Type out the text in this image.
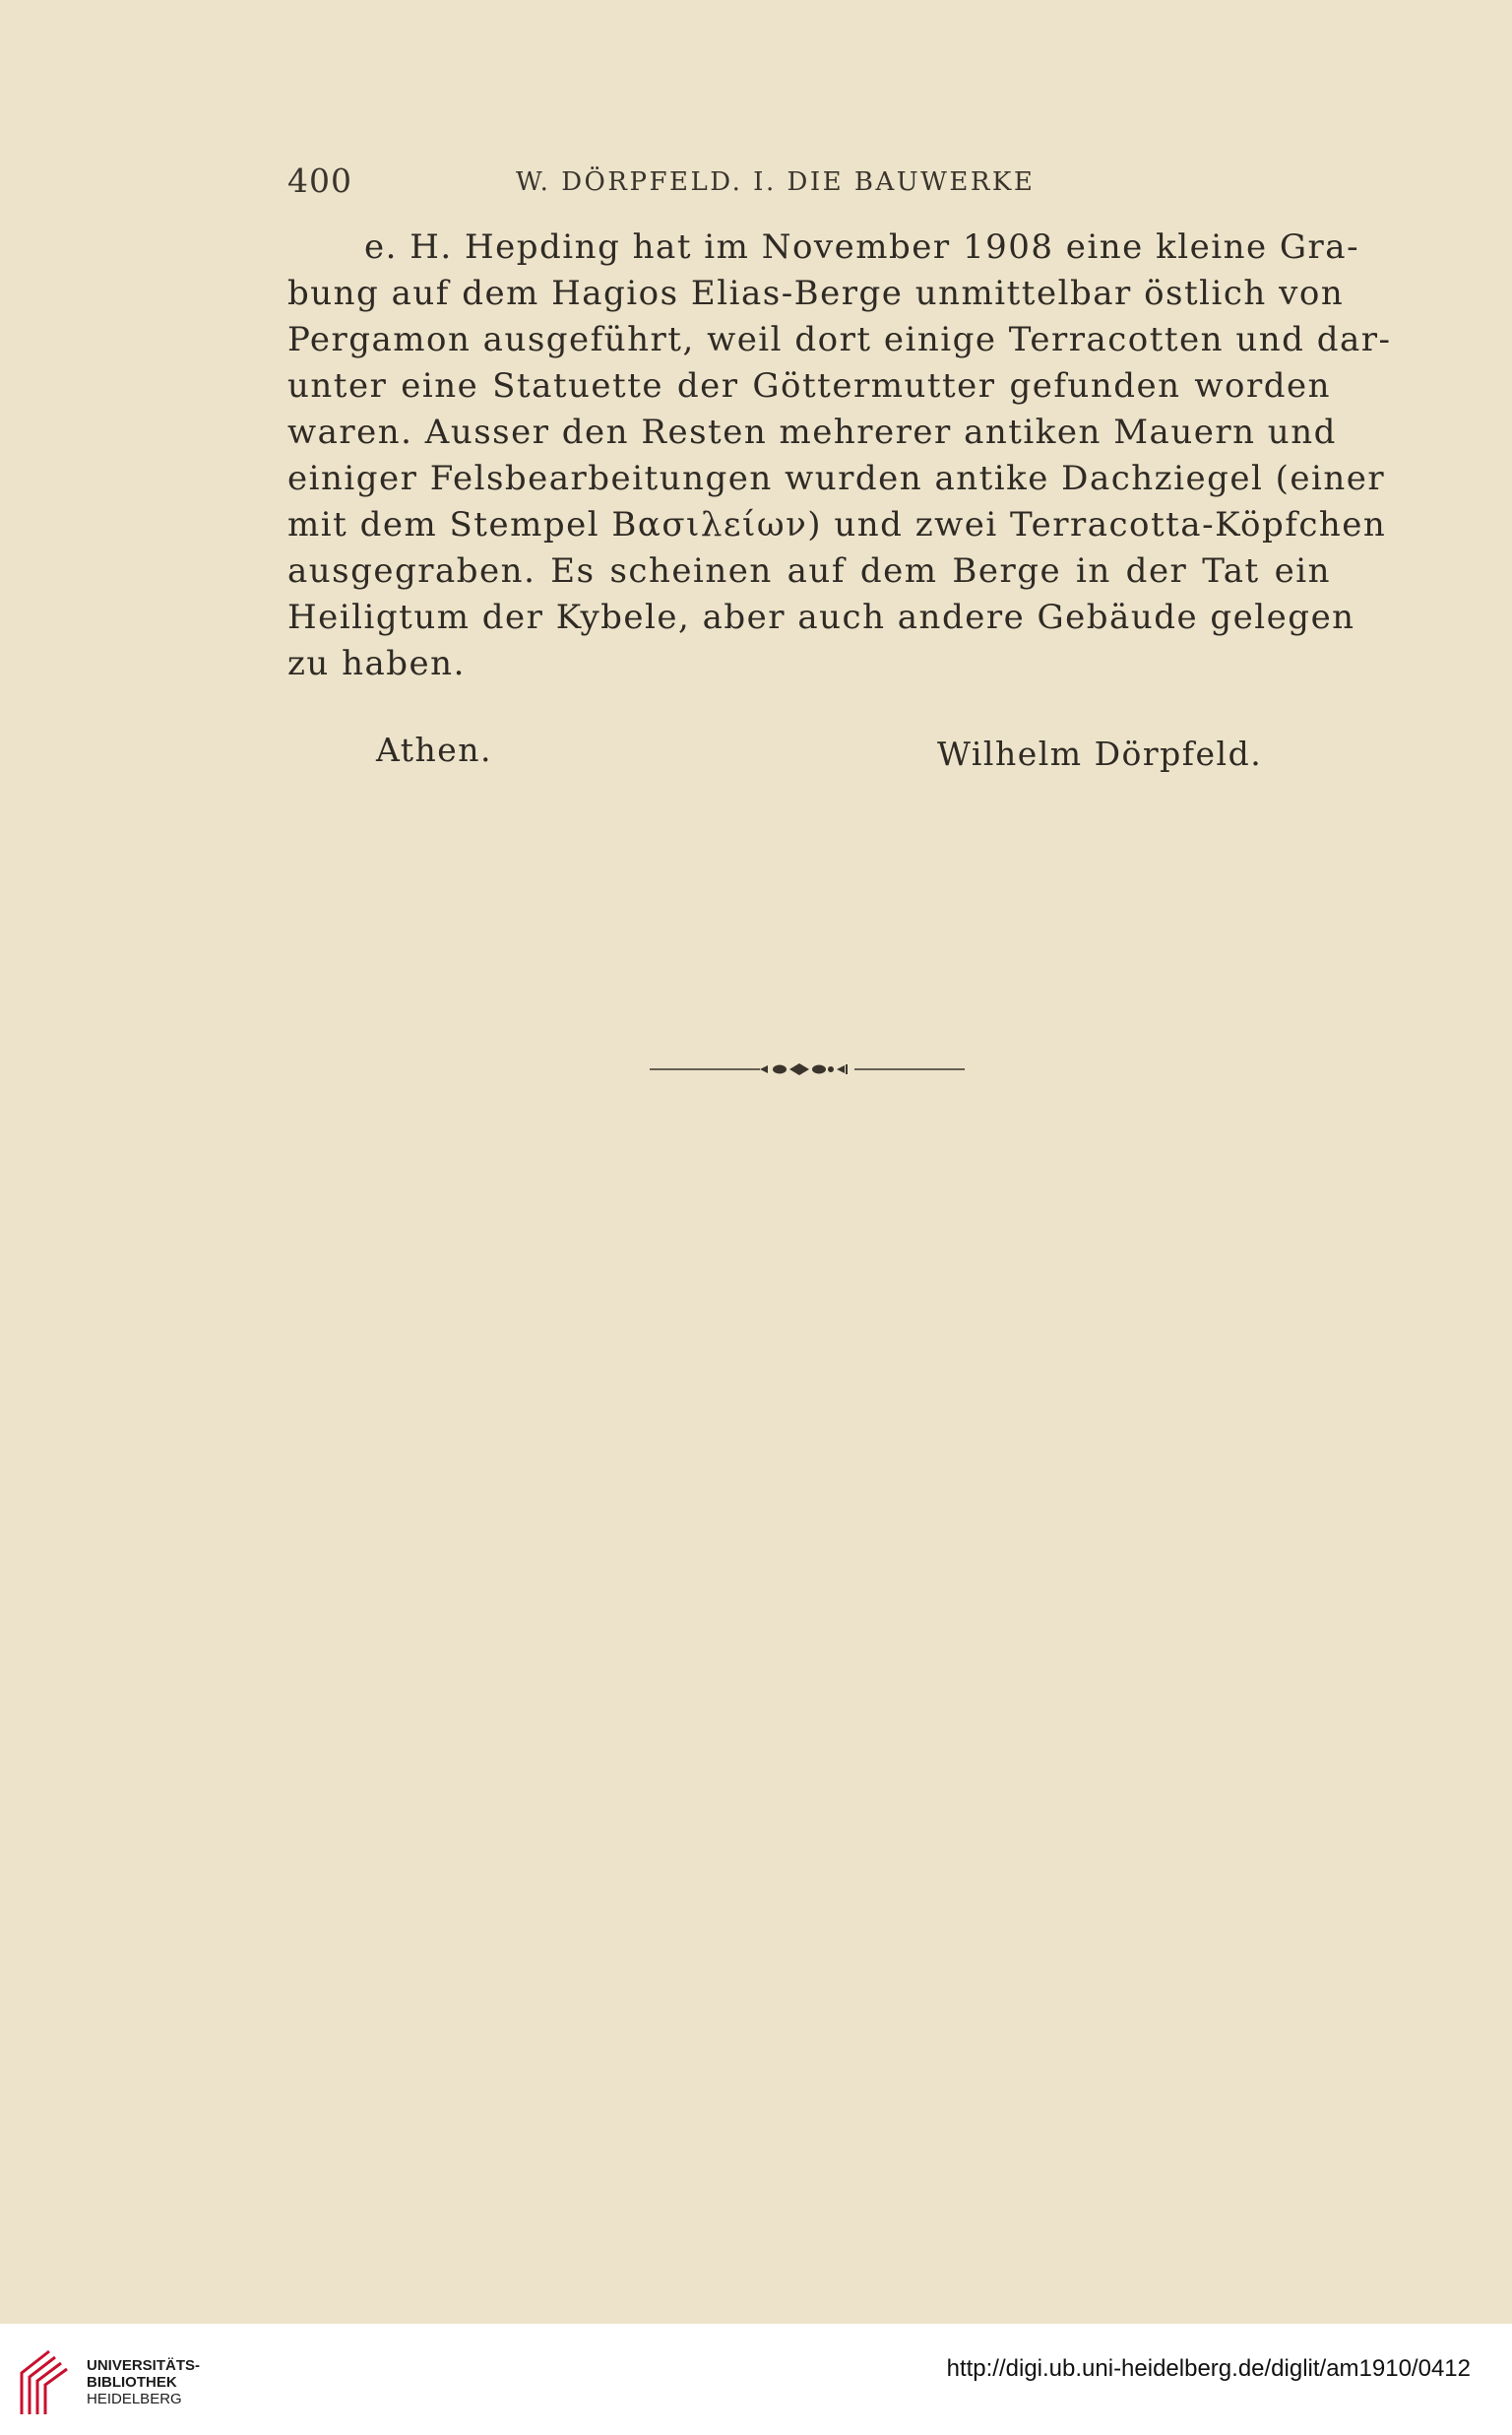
400	W. DÖRPFELD. I. DIE BAUWERKE
e. H. Hepding hat im November 1908 eine kleine Gra-
bung auf dem Hagios Elias-Berge unmittelbar östlich von
Pergamon ausgeführt, weil dort einige Terracotten und dar-
unter eine Statuette der Göttermutter gefunden worden
waren. Ausser den Resten mehrerer antiken Mauern und
einiger Felsbearbeitungen wurden antike Dachziegel (einer
mit dem Stempel Βασιλείων) und zwei Terracotta-Köpfchen
ausgegraben. Es scheinen auf dem Berge in der Tat ein
Heiligtum der Kybele, aber auch andere Gebäude gelegen
zu haben.
Athen.	Wilhelm Dörpfeld.
UNIVERSITÄTS-
BIBLIOTHEK
HEIDELBERG
http://digi.ub.uni-heidelberg.de/diglit/am1910/0412
